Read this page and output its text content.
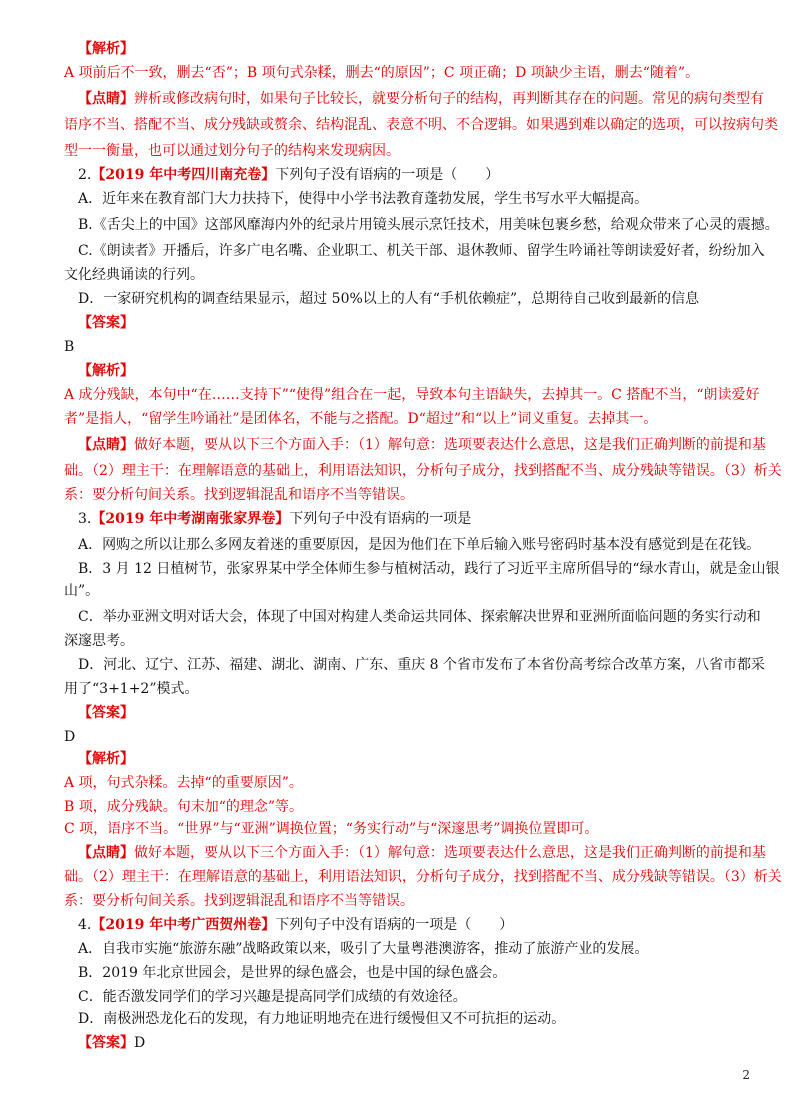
【解析】
A 项前后不一致，删去“否”；B 项句式杂糅，删去“的原因”；C 项正确；D 项缺少主语，删去“随着”。
【点睛】辨析或修改病句时，如果句子比较长，就要分析句子的结构，再判断其存在的问题。常见的病句类型有
语序不当、搭配不当、成分残缺或赘余、结构混乱、表意不明、不合逻辑。如果遇到难以确定的选项，可以按病句类
型一一衡量，也可以通过划分句子的结构来发现病因。
2.【2019 年中考四川南充卷】下列句子没有语病的一项是（　　）
A．近年来在教育部门大力扶持下，使得中小学书法教育蓬勃发展，学生书写水平大幅提高。
B.《舌尖上的中国》这部风靡海内外的纪录片用镜头展示烹饪技术，用美味包裹乡愁，给观众带来了心灵的震撼。
C.《朗读者》开播后，许多广电名嘴、企业职工、机关干部、退休教师、留学生吟诵社等朗读爱好者，纷纷加入
文化经典诵读的行列。
D．一家研究机构的调查结果显示，超过 50%以上的人有“手机依赖症”，总期待自己收到最新的信息
【答案】
B
【解析】
A 成分残缺，本句中“在……支持下”“使得”组合在一起，导致本句主语缺失，去掉其一。C 搭配不当，“朗读爱好
者”是指人，“留学生吟诵社”是团体名，不能与之搭配。D“超过”和“以上”词义重复。去掉其一。
【点睛】做好本题，要从以下三个方面入手：（1）解句意：选项要表达什么意思，这是我们正确判断的前提和基
础。（2）理主干：在理解语意的基础上，利用语法知识，分析句子成分，找到搭配不当、成分残缺等错误。（3）析关
系：要分析句间关系。找到逻辑混乱和语序不当等错误。
3.【2019 年中考湖南张家界卷】下列句子中没有语病的一项是
A．网购之所以让那么多网友着迷的重要原因，是因为他们在下单后输入账号密码时基本没有感觉到是在花钱。
B．3 月 12 日植树节，张家界某中学全体师生参与植树活动，践行了习近平主席所倡导的“绿水青山，就是金山银
山”。
C．举办亚洲文明对话大会，体现了中国对构建人类命运共同体、探索解决世界和亚洲所面临问题的务实行动和
深邃思考。
D．河北、辽宁、江苏、福建、湖北、湖南、广东、重庆 8 个省市发布了本省份高考综合改革方案，八省市都采
用了“3+1+2”模式。
【答案】
D
【解析】
A 项，句式杂糅。去掉“的重要原因”。
B 项，成分残缺。句末加“的理念”等。
C 项，语序不当。“世界”与“亚洲”调换位置；“务实行动”与“深邃思考”调换位置即可。
【点睛】做好本题，要从以下三个方面入手：（1）解句意：选项要表达什么意思，这是我们正确判断的前提和基
础。（2）理主干：在理解语意的基础上，利用语法知识，分析句子成分，找到搭配不当、成分残缺等错误。（3）析关
系：要分析句间关系。找到逻辑混乱和语序不当等错误。
4.【2019 年中考广西贺州卷】下列句子中没有语病的一项是（　　）
A．自我市实施“旅游东融”战略政策以来，吸引了大量粤港澳游客，推动了旅游产业的发展。
B．2019 年北京世园会，是世界的绿色盛会，也是中国的绿色盛会。
C．能否激发同学们的学习兴趣是提高同学们成绩的有效途径。
D．南极洲恐龙化石的发现，有力地证明地壳在进行缓慢但又不可抗拒的运动。
【答案】D
2
